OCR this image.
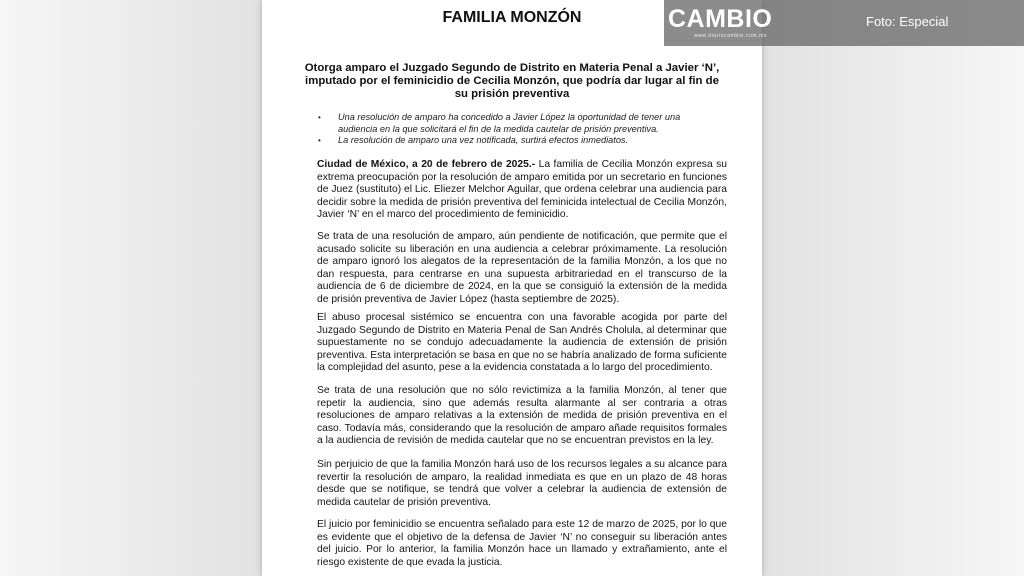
FAMILIA MONZÓN
Otorga amparo el Juzgado Segundo de Distrito en Materia Penal a Javier ‘N’, imputado por el feminicidio de Cecilia Monzón, que podría dar lugar al fin de su prisión preventiva
• Una resolución de amparo ha concedido a Javier López la oportunidad de tener una audiencia en la que solicitará el fin de la medida cautelar de prisión preventiva.
• La resolución de amparo una vez notificada, surtirá efectos inmediatos.

Ciudad de México, a 20 de febrero de 2025.- La familia de Cecilia Monzón expresa su extrema preocupación por la resolución de amparo emitida por un secretario en funciones de Juez (sustituto) el Lic. Eliezer Melchor Aguilar, que ordena celebrar una audiencia para decidir sobre la medida de prisión preventiva del feminicida intelectual de Cecilia Monzón, Javier ‘N’ en el marco del procedimiento de feminicidio.

Se trata de una resolución de amparo, aún pendiente de notificación, que permite que el acusado solicite su liberación en una audiencia a celebrar próximamente. La resolución de amparo ignoró los alegatos de la representación de la familia Monzón, a los que no dan respuesta, para centrarse en una supuesta arbitrariedad en el transcurso de la audiencia de 6 de diciembre de 2024, en la que se consiguió la extensión de la medida de prisión preventiva de Javier López (hasta septiembre de 2025).

El abuso procesal sistémico se encuentra con una favorable acogida por parte del Juzgado Segundo de Distrito en Materia Penal de San Andrés Cholula, al determinar que supuestamente no se condujo adecuadamente la audiencia de extensión de prisión preventiva. Esta interpretación se basa en que no se habría analizado de forma suficiente la complejidad del asunto, pese a la evidencia constatada a lo largo del procedimiento.

Se trata de una resolución que no sólo revictimiza a la familia Monzón, al tener que repetir la audiencia, sino que además resulta alarmante al ser contraria a otras resoluciones de amparo relativas a la extensión de medida de prisión preventiva en el caso. Todavía más, considerando que la resolución de amparo añade requisitos formales a la audiencia de revisión de medida cautelar que no se encuentran previstos en la ley.

Sin perjuicio de que la familia Monzón hará uso de los recursos legales a su alcance para revertir la resolución de amparo, la realidad inmediata es que en un plazo de 48 horas desde que se notifique, se tendrá que volver a celebrar la audiencia de extensión de medida cautelar de prisión preventiva.

El juicio por feminicidio se encuentra señalado para este 12 de marzo de 2025, por lo que es evidente que el objetivo de la defensa de Javier ‘N’ no conseguir su liberación antes del juicio. Por lo anterior, la familia Monzón hace un llamado y extrañamiento, ante el riesgo existente de que evada la justicia.

CAMBIO
www.diariocambio.com.mx
Foto: Especial
